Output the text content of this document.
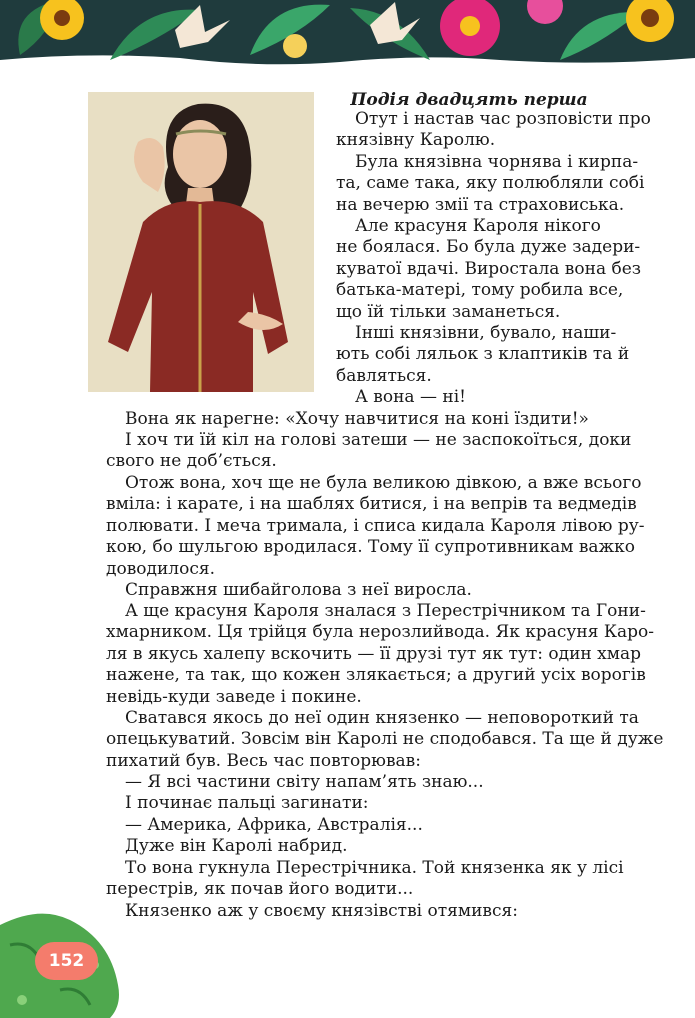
Подія двадцять перша
Отут і настав час розповісти про
князівну Каролю.
Була князівна чорнява і кирпа-
та, саме така, яку полюбляли собі
на вечерю змії та страховиська.
Але красуня Кароля нікого
не боялася. Бо була дуже задери-
куватої вдачі. Виростала вона без
батька-матері, тому робила все,
що їй тільки заманеться.
Інші князівни, бувало, наши-
ють собі ляльок з клаптиків та й
бавляться.
А вона — ні!
Вона як нарегне: «Хочу навчитися на коні їздити!»
І хоч ти їй кіл на голові затеши — не заспокоїться, доки
свого не доб’ється.
Отож вона, хоч ще не була великою дівкою, а вже всього
вміла: і карате, і на шаблях битися, і на вепрів та ведмедів
полювати. І меча тримала, і списа кидала Кароля лівою ру-
кою, бо шульгою вродилася. Тому її супротивникам важко
доводилося.
Справжня шибайголова з неї виросла.
А ще красуня Кароля зналася з Перестрічником та Гони-
хмарником. Ця трійця була нерозлийвода. Як красуня Каро-
ля в якусь халепу вскочить — її друзі тут як тут: один хмар
нажене, та так, що кожен злякається; а другий усіх ворогів
невідь-куди заведе і покине.
Сватався якось до неї один князенко — неповороткий та
опецькуватий. Зовсім він Каролі не сподобався. Та ще й дуже
пихатий був. Весь час повторював:
— Я всі частини світу напам’ять знаю...
І починає пальці загинати:
— Америка, Африка, Австралія...
Дуже він Каролі набрид.
То вона гукнула Перестрічника. Той князенка як у лісі
перестрів, як почав його водити...
Князенко аж у своєму князівстві отямився:
152
